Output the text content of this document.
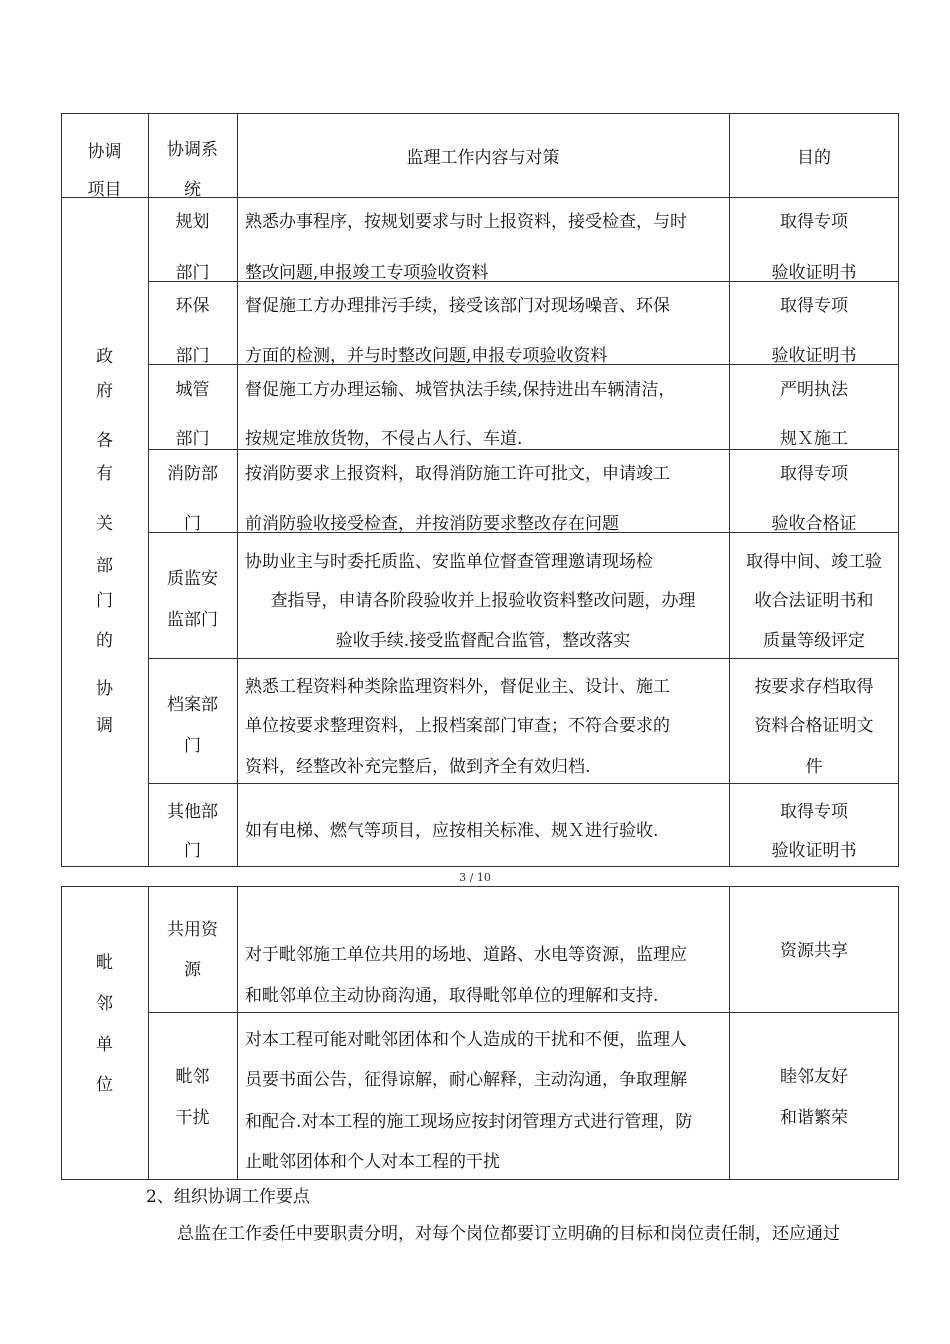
协调
项目
协调系
统
监理工作内容与对策	目的
政
府
各
有
关
部
门
的
协
调
规划
部门
熟悉办事程序，按规划要求与时上报资料，接受检查，与时
整改问题,申报竣工专项验收资料
取得专项
验收证明书
环保
部门
督促施工方办理排污手续，接受该部门对现场噪音、环保
方面的检测，并与时整改问题,申报专项验收资料
取得专项
验收证明书
城管
部门
督促施工方办理运输、城管执法手续,保持进出车辆清洁，
按规定堆放货物，不侵占人行、车道.
严明执法
规Ｘ施工
消防部
门
按消防要求上报资料，取得消防施工许可批文，申请竣工
前消防验收接受检查，并按消防要求整改存在问题
取得专项
验收合格证
质监安
监部门
协助业主与时委托质监、安监单位督查管理邀请现场检
查指导，申请各阶段验收并上报验收资料整改问题，办理
验收手续.接受监督配合监管，整改落实
取得中间、竣工验
收合法证明书和
质量等级评定
档案部
门
熟悉工程资料种类除监理资料外，督促业主、设计、施工
单位按要求整理资料，上报档案部门审查；不符合要求的
资料，经整改补充完整后，做到齐全有效归档.
按要求存档取得
资料合格证明文
件
其他部
门
如有电梯、燃气等项目，应按相关标准、规Ｘ进行验收.
取得专项
验收证明书
3 / 10
毗
邻
单
位
共用资
源
对于毗邻施工单位共用的场地、道路、水电等资源，监理应
和毗邻单位主动协商沟通，取得毗邻单位的理解和支持.
资源共享
毗邻
干扰
对本工程可能对毗邻团体和个人造成的干扰和不便，监理人
员要书面公告，征得谅解，耐心解释，主动沟通，争取理解
和配合.对本工程的施工现场应按封闭管理方式进行管理，防
止毗邻团体和个人对本工程的干扰
睦邻友好
和谐繁荣
2、组织协调工作要点
总监在工作委任中要职责分明，对每个岗位都要订立明确的目标和岗位责任制，还应通过
